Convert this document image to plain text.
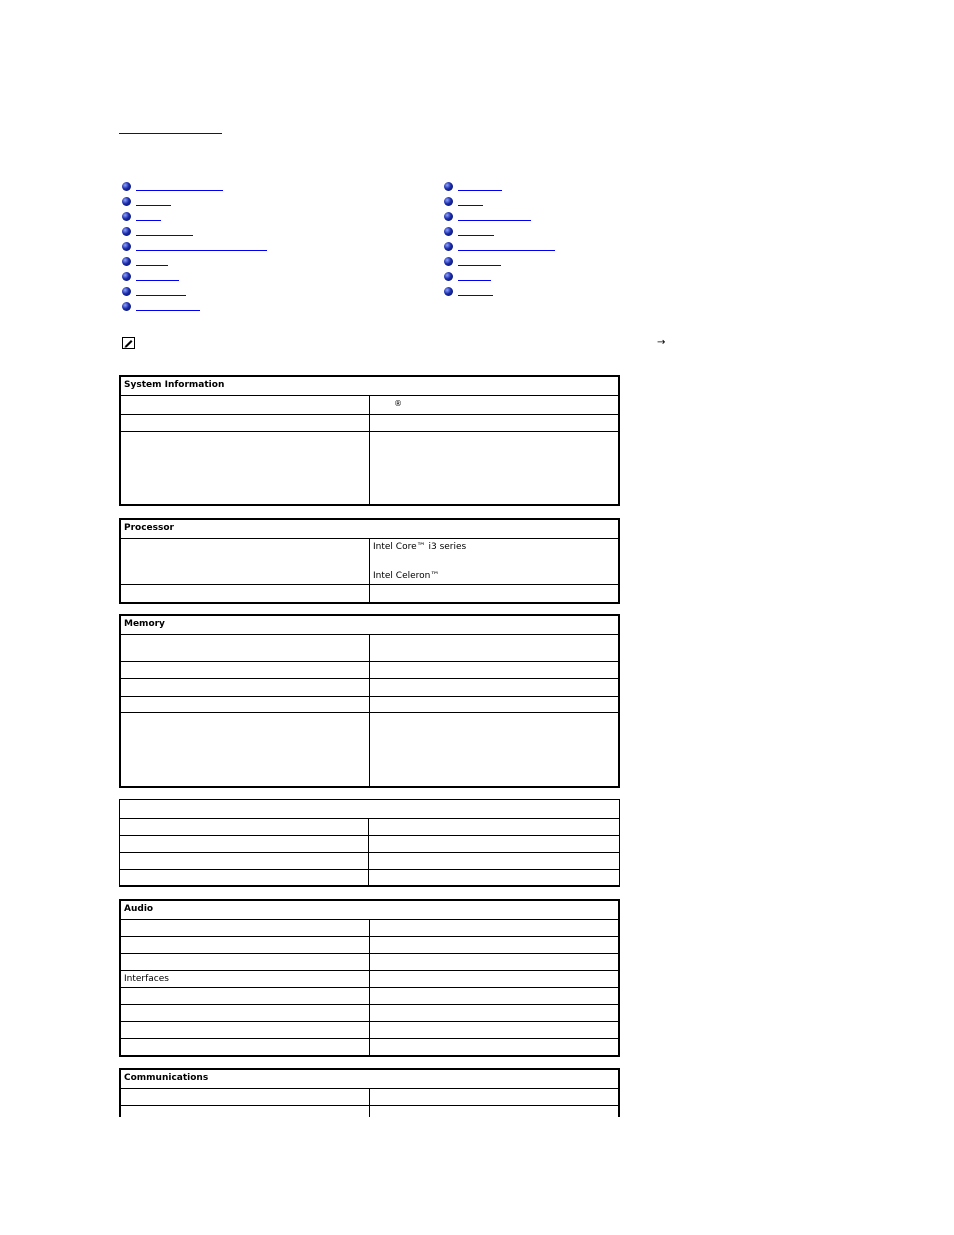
→
System Information
®
Processor
Intel Core™ i3 series
Intel Celeron™
Memory
Audio
Interfaces
Communications
